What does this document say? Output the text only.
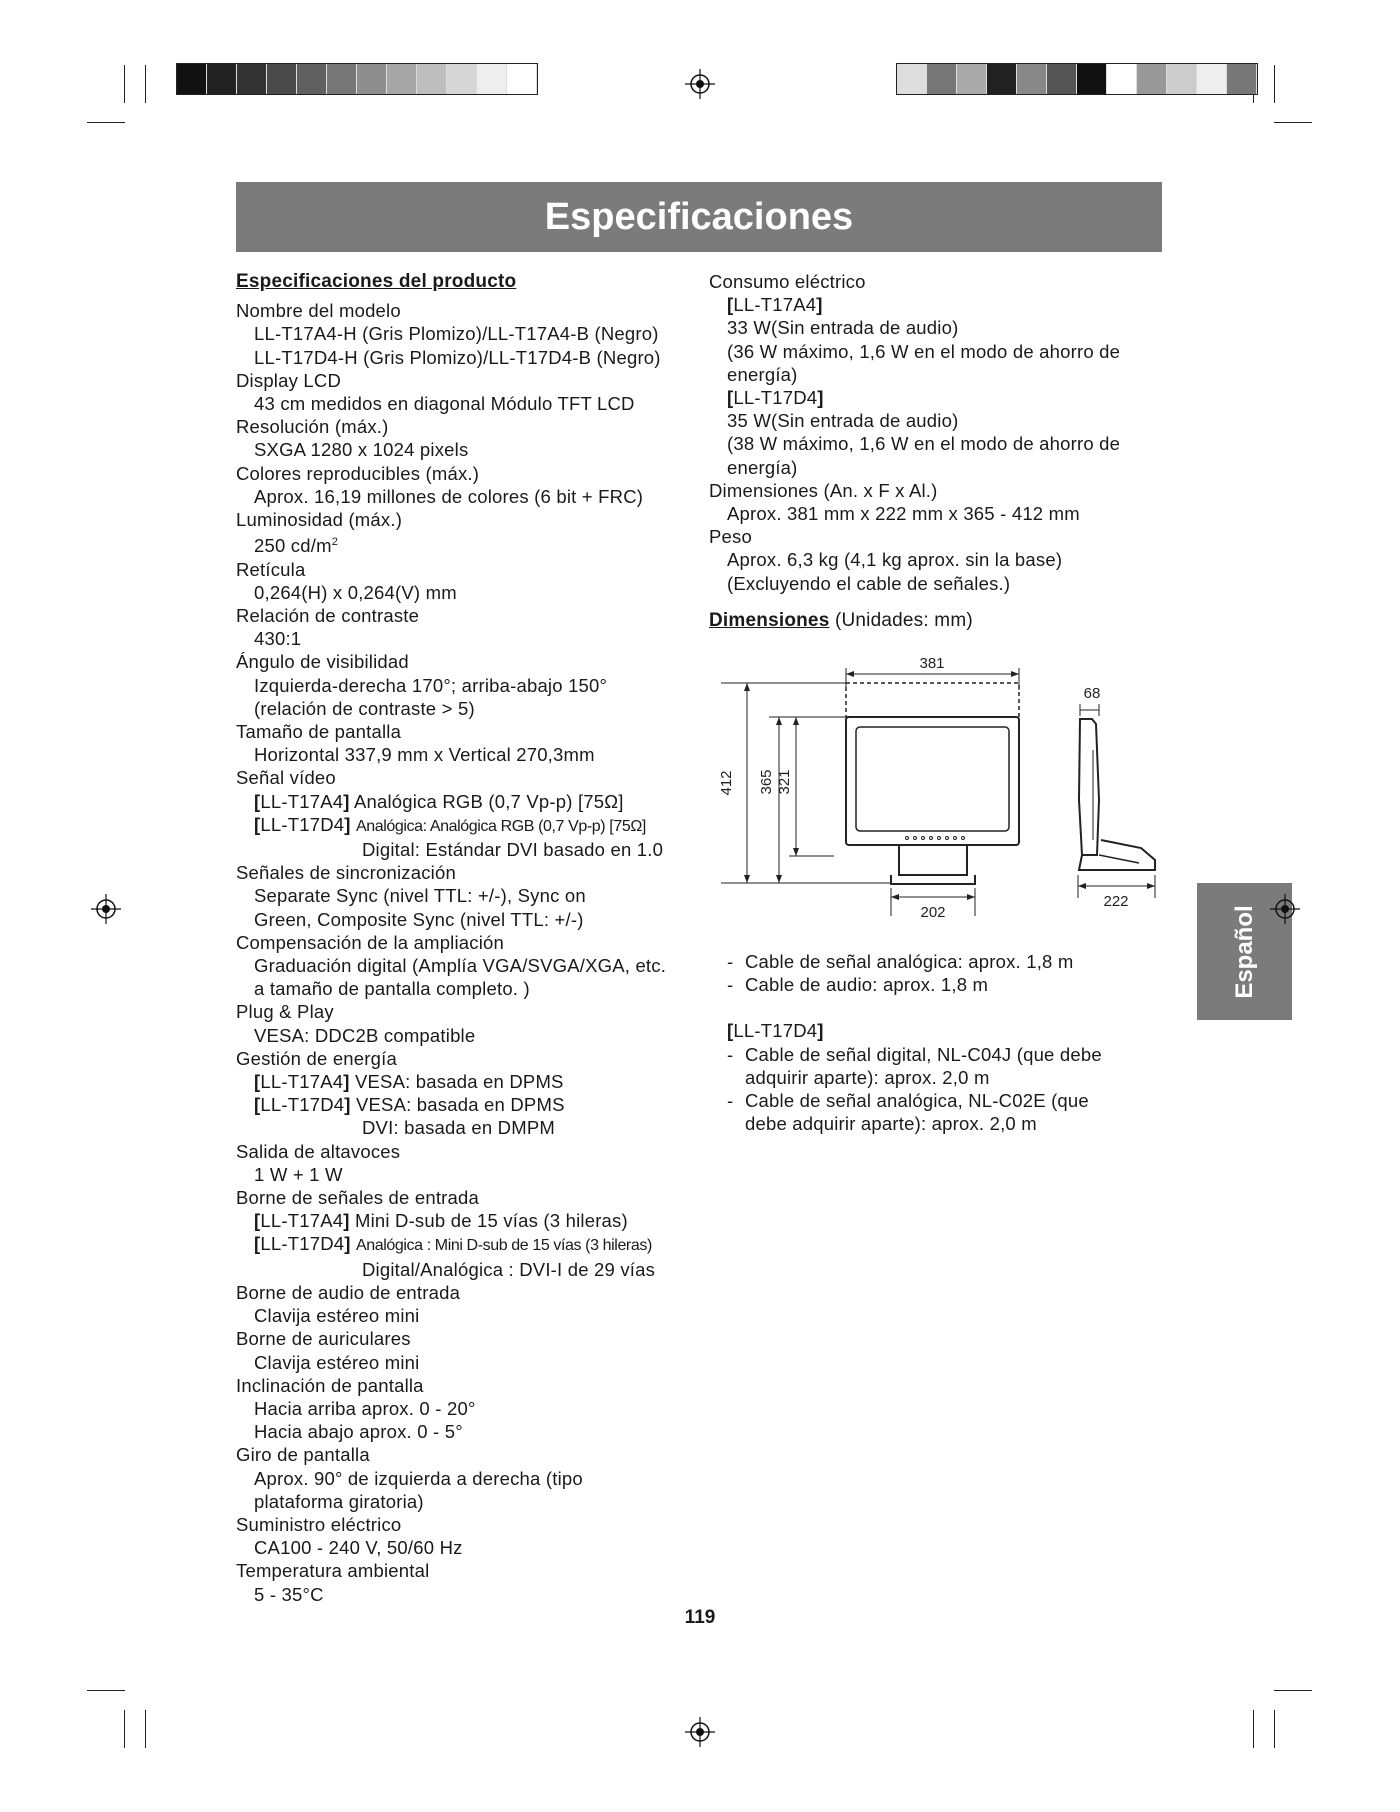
Especificaciones
Especificaciones del producto
Nombre del modelo
LL-T17A4-H (Gris Plomizo)/LL-T17A4-B (Negro)
LL-T17D4-H (Gris Plomizo)/LL-T17D4-B (Negro)
Display LCD
43 cm medidos en diagonal Módulo TFT LCD
Resolución (máx.)
SXGA 1280 x 1024 pixels
Colores reproducibles (máx.)
Aprox. 16,19 millones de colores (6 bit + FRC)
Luminosidad (máx.)
250 $cd/m^2$
Retícula
0,264(H) x 0,264(V) mm
Relación de contraste
430:1
Ángulo de visibilidad
Izquierda-derecha 170°; arriba-abajo 150°
(relación de contraste > 5)
Tamaño de pantalla
Horizontal 337,9 mm x Vertical 270,3mm
Señal vídeo
[LL-T17A4] Analógica RGB (0,7 Vp-p) [75Ω]
[LL-T17D4] Analógica: Analógica RGB (0,7 Vp-p) [75Ω]
Digital: Estándar DVI basado en 1.0
Señales de sincronización
Separate Sync (nivel TTL: +/-), Sync on
Green, Composite Sync (nivel TTL: +/-)
Compensación de la ampliación
Graduación digital (Amplía VGA/SVGA/XGA, etc.
a tamaño de pantalla completo. )
Plug & Play
VESA: DDC2B compatible
Gestión de energía
[LL-T17A4] VESA: basada en DPMS
[LL-T17D4] VESA: basada en DPMS
DVI: basada en DMPM
Salida de altavoces
1 W + 1 W
Borne de señales de entrada
[LL-T17A4] Mini D-sub de 15 vías (3 hileras)
[LL-T17D4] Analógica : Mini D-sub de 15 vías (3 hileras)
Digital/Analógica : DVI-I de 29 vías
Borne de audio de entrada
Clavija estéreo mini
Borne de auriculares
Clavija estéreo mini
Inclinación de pantalla
Hacia arriba aprox. 0 - 20°
Hacia abajo aprox. 0 - 5°
Giro de pantalla
Aprox. 90° de izquierda a derecha (tipo
plataforma giratoria)
Suministro eléctrico
CA100 - 240 V, 50/60 Hz
Temperatura ambiental
5 - 35°C
Consumo eléctrico
[LL-T17A4]
33 W(Sin entrada de audio)
(36 W máximo, 1,6 W en el modo de ahorro de
energía)
[LL-T17D4]
35 W(Sin entrada de audio)
(38 W máximo, 1,6 W en el modo de ahorro de
energía)
Dimensiones (An. x F x Al.)
Aprox. 381 mm x 222 mm x 365 - 412 mm
Peso
Aprox. 6,3 kg (4,1 kg aprox. sin la base)
(Excluyendo el cable de señales.)
Dimensiones (Unidades: mm)
381
412 365 321
202
68
222
- Cable de señal analógica: aprox. 1,8 m
- Cable de audio: aprox. 1,8 m
[LL-T17D4]
- Cable de señal digital, NL-C04J (que debe
adquirir aparte): aprox. 2,0 m
- Cable de señal analógica, NL-C02E (que
debe adquirir aparte): aprox. 2,0 m
Español
119
